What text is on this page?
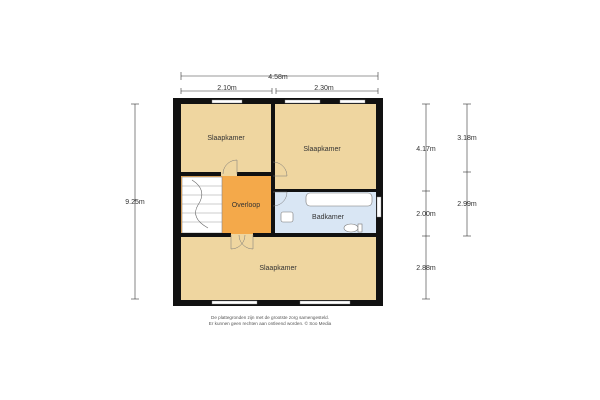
Slaapkamer
Slaapkamer
Overloop
Badkamer
Slaapkamer
4.58m
2.10m	2.30m
9.25m
4.17m
2.00m
2.88m
3.18m
2.99m
De plattegronden zijn met de grootste zorg samengesteld.
Er kunnen geen rechten aan ontleend worden. © Soo Media
